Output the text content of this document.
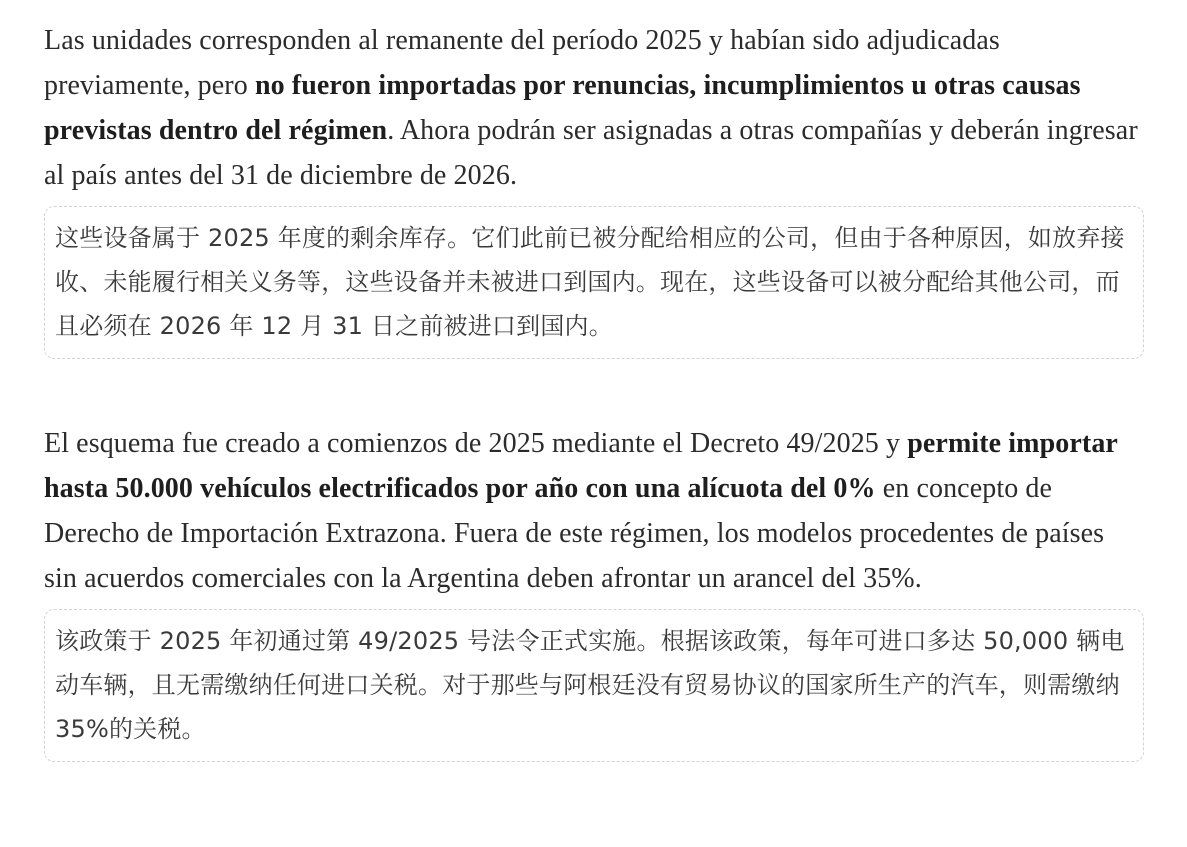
Las unidades corresponden al remanente del período 2025 y habían sido adjudicadas previamente, pero no fueron importadas por renuncias, incumplimientos u otras causas previstas dentro del régimen. Ahora podrán ser asignadas a otras compañías y deberán ingresar al país antes del 31 de diciembre de 2026.

这些设备属于 2025 年度的剩余库存。它们此前已被分配给相应的公司，但由于各种原因，如放弃接收、未能履行相关义务等，这些设备并未被进口到国内。现在，这些设备可以被分配给其他公司，而且必须在 2026 年 12 月 31 日之前被进口到国内。

El esquema fue creado a comienzos de 2025 mediante el Decreto 49/2025 y permite importar hasta 50.000 vehículos electrificados por año con una alícuota del 0% en concepto de Derecho de Importación Extrazona. Fuera de este régimen, los modelos procedentes de países sin acuerdos comerciales con la Argentina deben afrontar un arancel del 35%.

该政策于 2025 年初通过第 49/2025 号法令正式实施。根据该政策，每年可进口多达 50,000 辆电动车辆，且无需缴纳任何进口关税。对于那些与阿根廷没有贸易协议的国家所生产的汽车，则需缴纳 35%的关税。
